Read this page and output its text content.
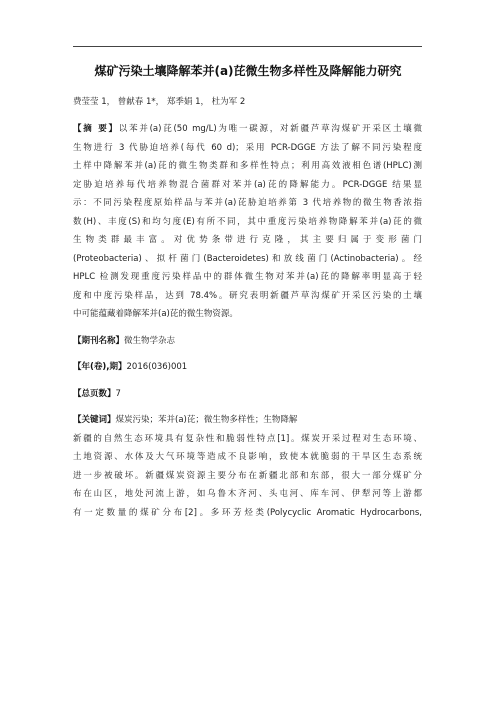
煤矿污染土壤降解苯并(a)芘微生物多样性及降解能力研究
费莹莹 1， 曾献春 1*， 郑季娟 1， 杜为军 2
【摘 要】以苯并(a)芘(50 mg/L)为唯一碳源，对新疆芦草沟煤矿开采区土壤微
生物进行 3 代胁迫培养(每代 60 d)；采用 PCR-DGGE 方法了解不同污染程度
土样中降解苯并(a)芘的微生物类群和多样性特点；利用高效液相色谱(HPLC)测
定胁迫培养每代培养物混合菌群对苯并(a)芘的降解能力。PCR-DGGE 结果显
示：不同污染程度原始样品与苯并(a)芘胁迫培养第 3 代培养物的微生物香浓指
数(H)、丰度(S)和均匀度(E)有所不同，其中重度污染培养物降解苯并(a)芘的微
生物类群最丰富。对优势条带进行克隆，其主要归属于变形菌门
(Proteobacteria)、拟杆菌门(Bacteroidetes)和放线菌门(Actinobacteria)。经
HPLC 检测发现重度污染样品中的群体微生物对苯并(a)芘的降解率明显高于轻
度和中度污染样品，达到 78.4%。研究表明新疆芦草沟煤矿开采区污染的土壤
中可能蕴藏着降解苯并(a)芘的微生物资源。
【期刊名称】微生物学杂志
【年(卷),期】2016(036)001
【总页数】7
【关键词】煤炭污染；苯并(a)芘；微生物多样性；生物降解
新疆的自然生态环境具有复杂性和脆弱性特点[1]。煤炭开采过程对生态环境、
土地资源、水体及大气环境等造成不良影响，致使本就脆弱的干旱区生态系统
进一步被破坏。新疆煤炭资源主要分布在新疆北部和东部，很大一部分煤矿分
布在山区，地处河流上游，如乌鲁木齐河、头屯河、库车河、伊犁河等上游都
有一定数量的煤矿分布[2]。多环芳烃类(Polycyclic Aromatic Hydrocarbons,
